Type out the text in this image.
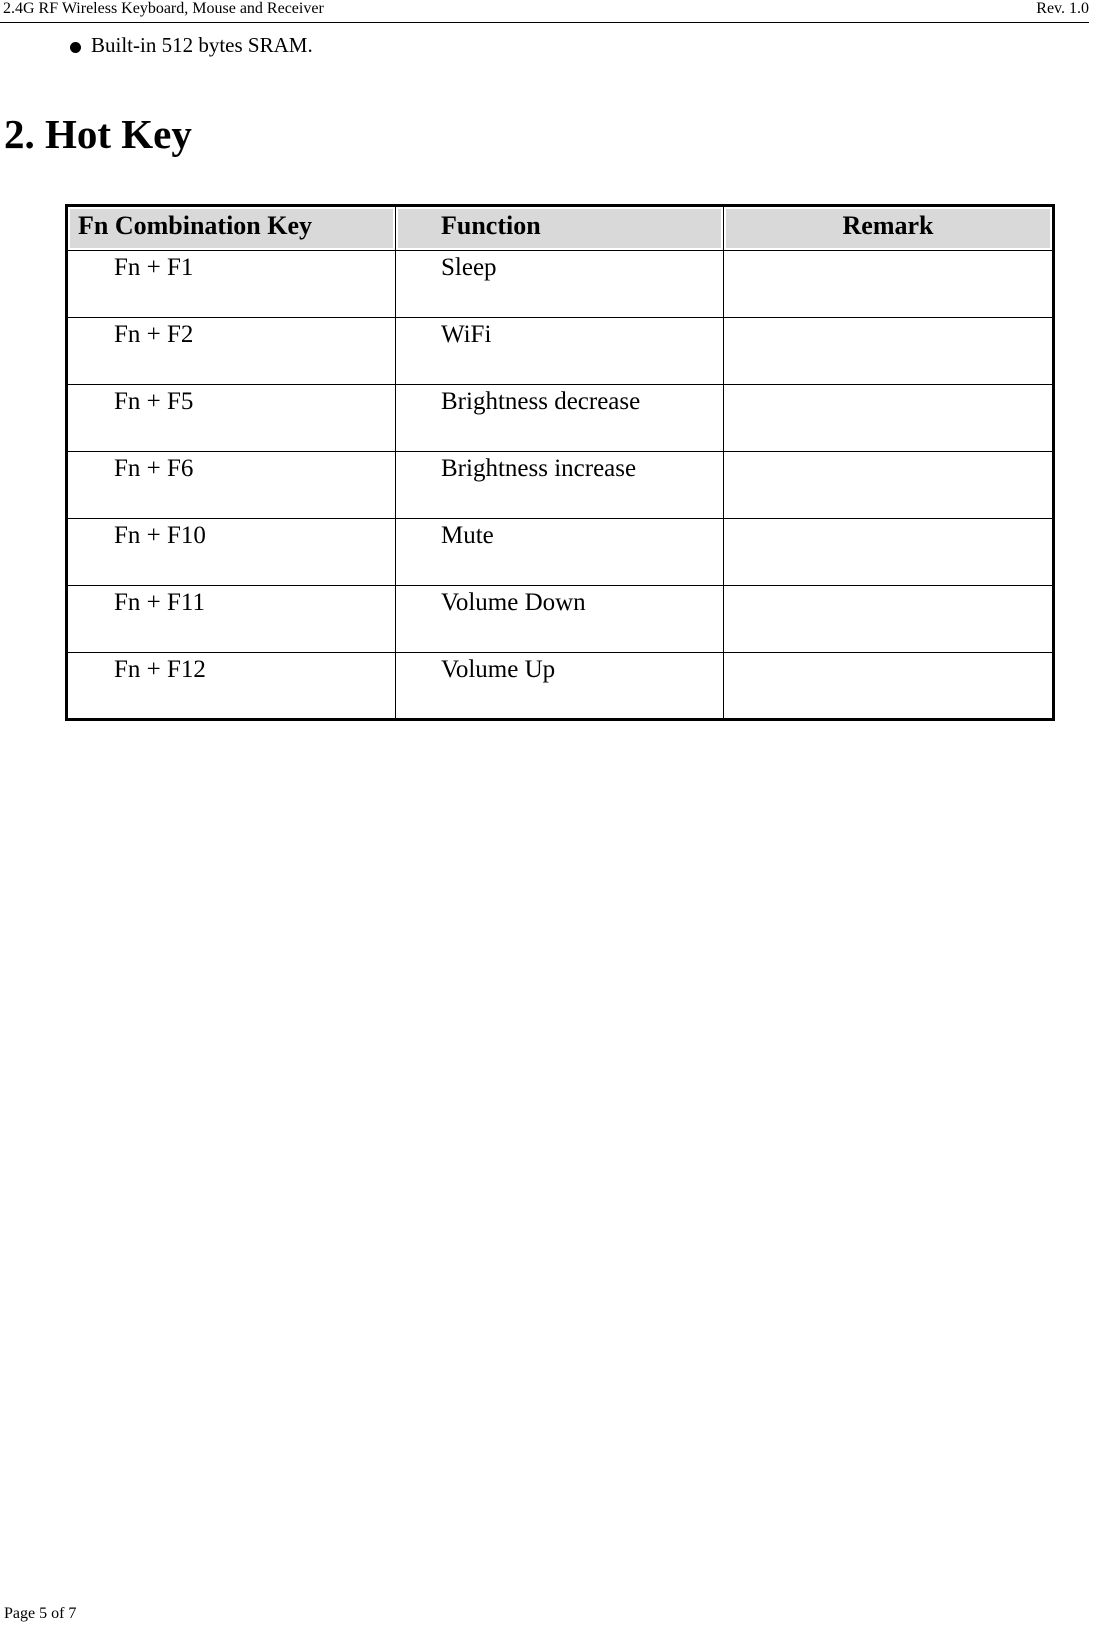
2.4G RF Wireless Keyboard, Mouse and Receiver	Rev. 1.0
Built-in 512 bytes SRAM.
2. Hot Key
Fn Combination Key	Function	Remark
Fn + F1	Sleep	
Fn + F2	WiFi	
Fn + F5	Brightness decrease	
Fn + F6	Brightness increase	
Fn + F10	Mute	
Fn + F11	Volume Down	
Fn + F12	Volume Up	
Page 5 of 7
